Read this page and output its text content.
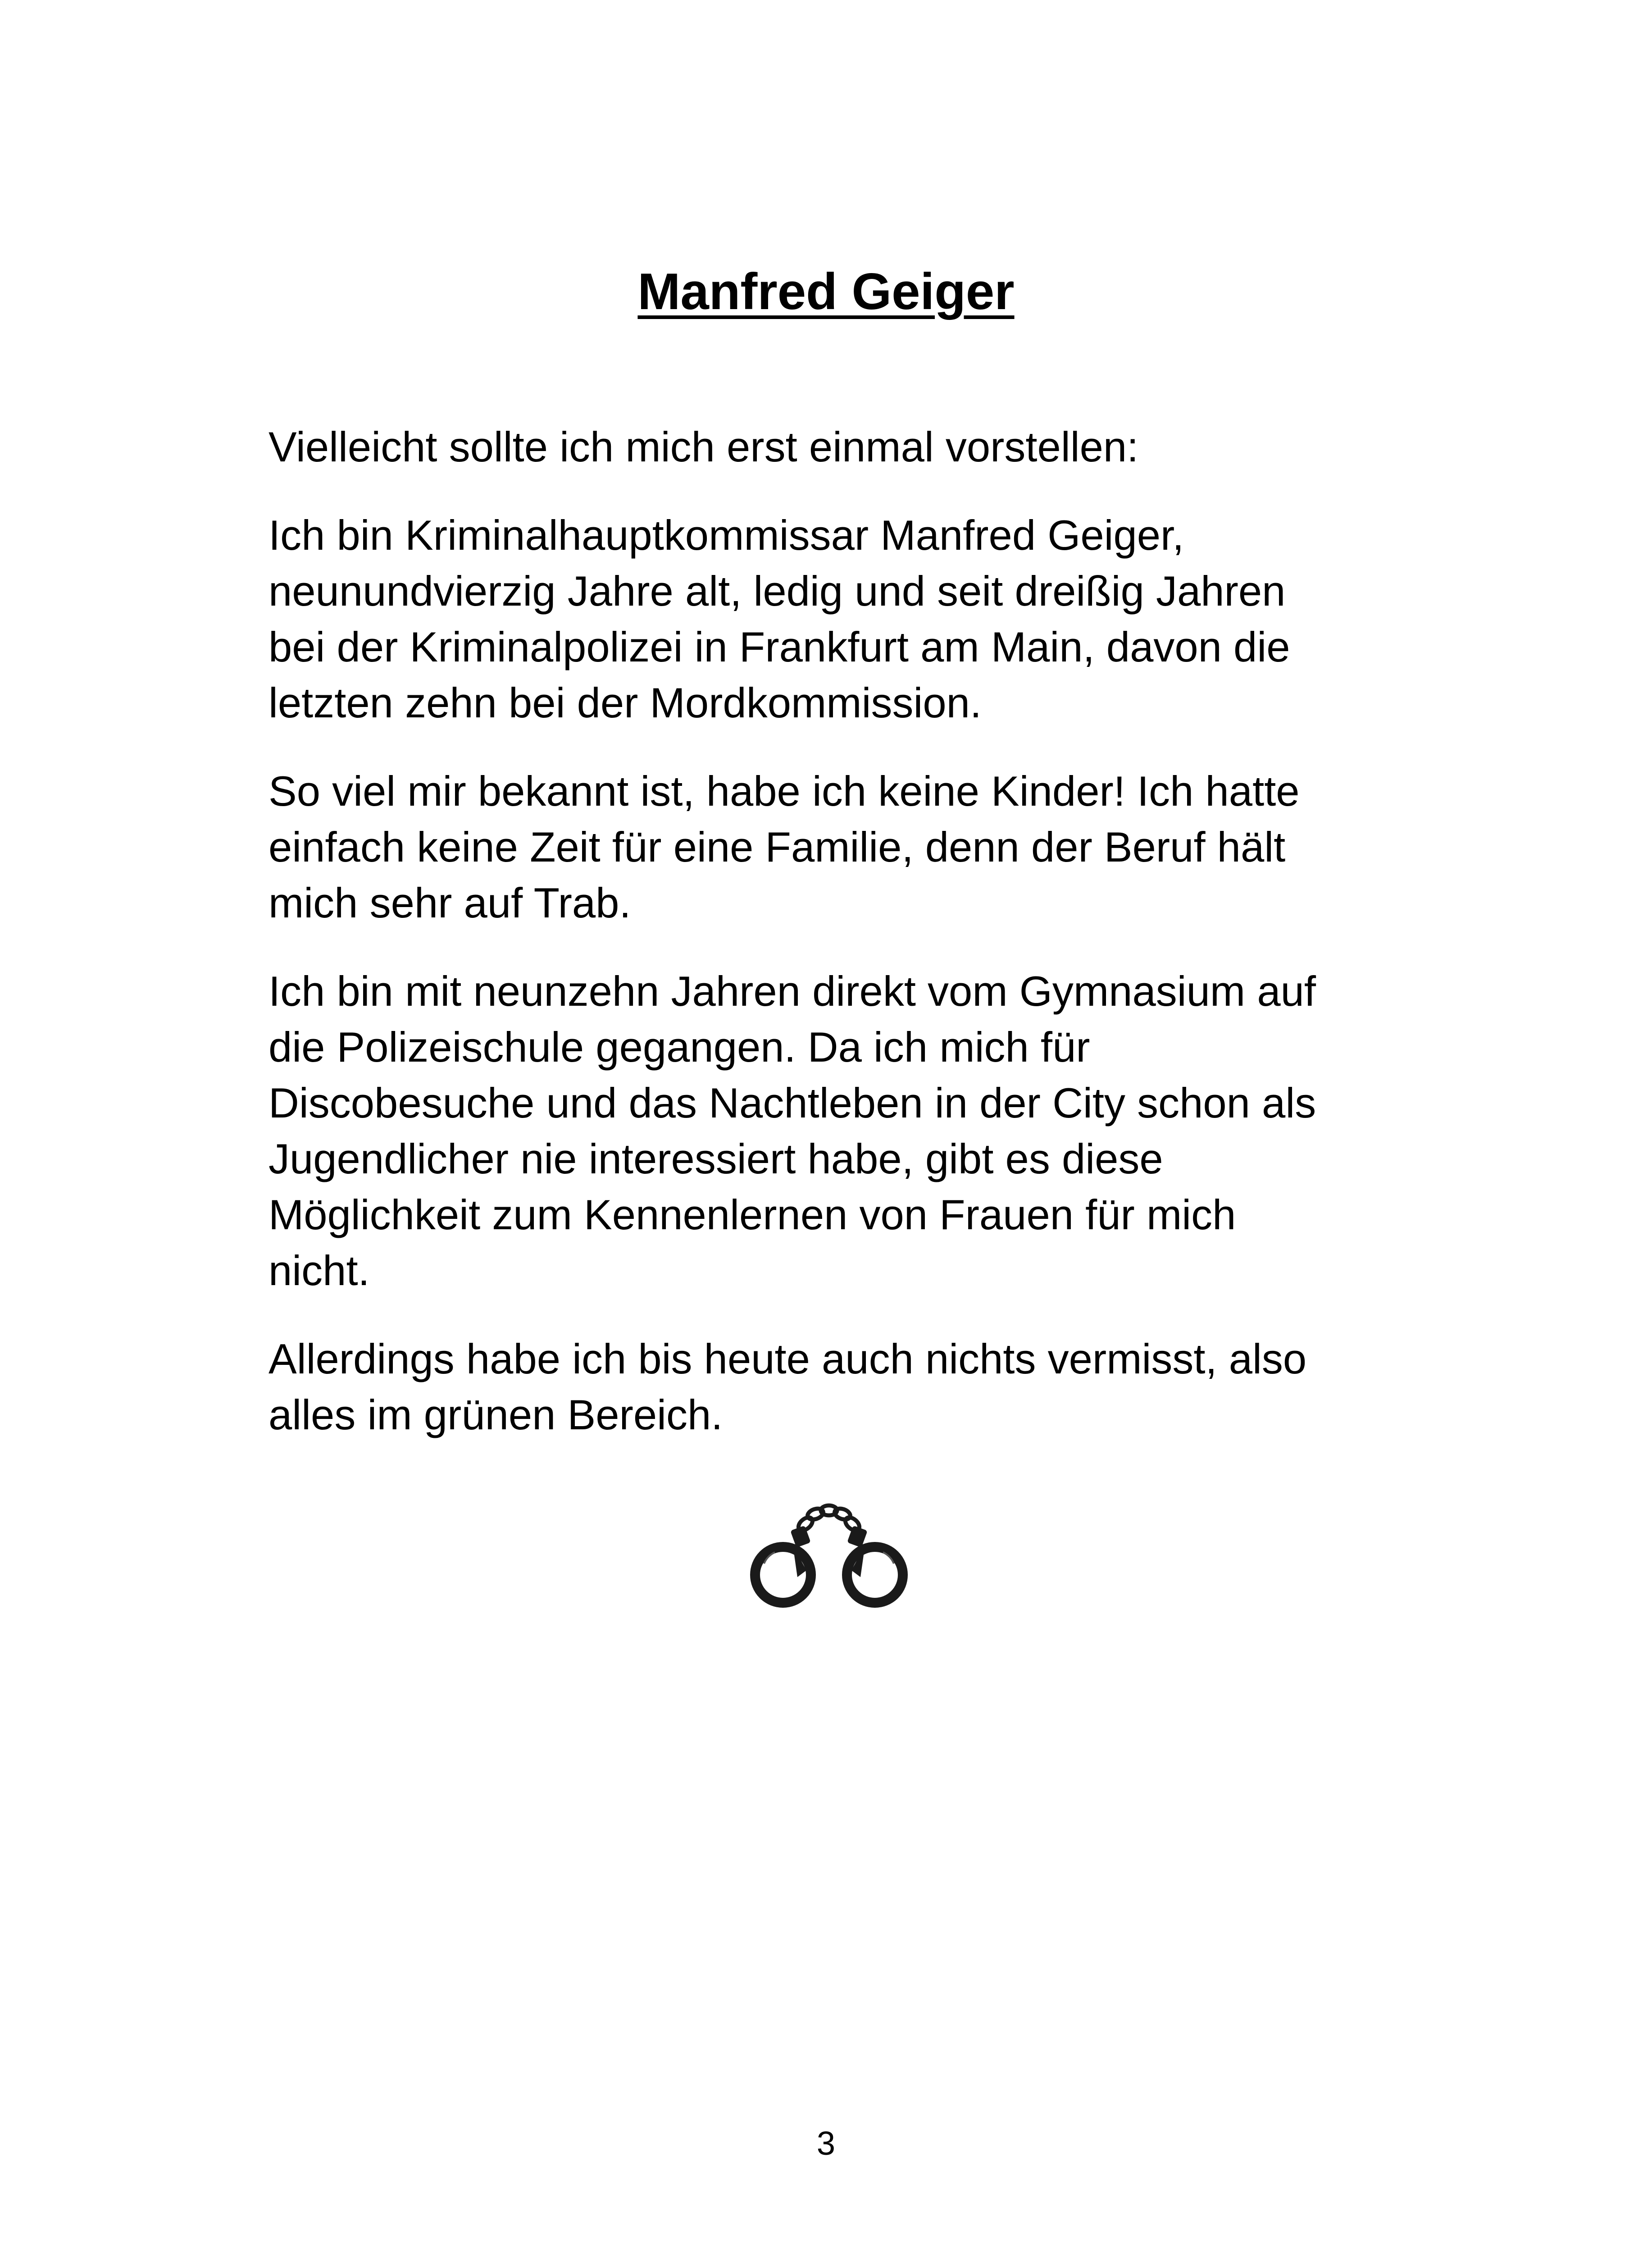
Manfred Geiger

Vielleicht sollte ich mich erst einmal vorstellen:

Ich bin Kriminalhauptkommissar Manfred Geiger,
neunundvierzig Jahre alt, ledig und seit dreißig Jahren
bei der Kriminalpolizei in Frankfurt am Main, davon die
letzten zehn bei der Mordkommission.

So viel mir bekannt ist, habe ich keine Kinder! Ich hatte
einfach keine Zeit für eine Familie, denn der Beruf hält
mich sehr auf Trab.

Ich bin mit neunzehn Jahren direkt vom Gymnasium auf
die Polizeischule gegangen. Da ich mich für
Discobesuche und das Nachtleben in der City schon als
Jugendlicher nie interessiert habe, gibt es diese
Möglichkeit zum Kennenlernen von Frauen für mich
nicht.

Allerdings habe ich bis heute auch nichts vermisst, also
alles im grünen Bereich.

3
